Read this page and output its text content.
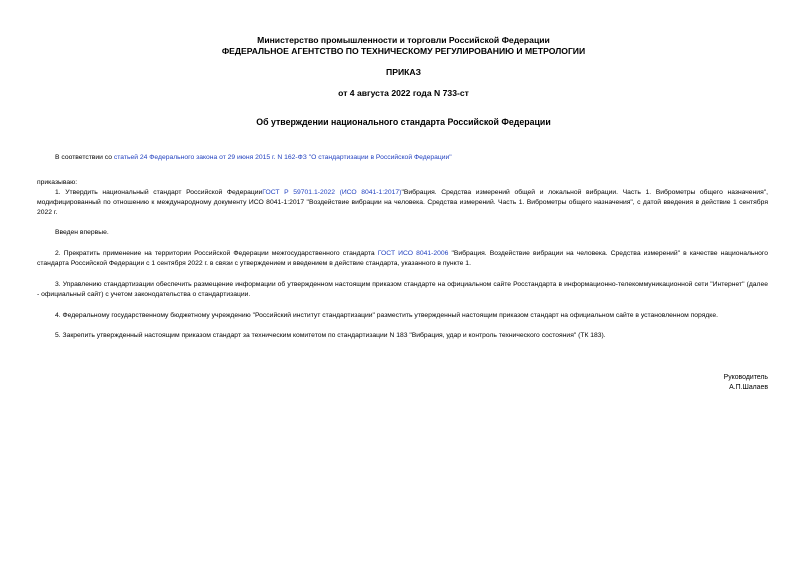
Министерство промышленности и торговли Российской Федерации
ФЕДЕРАЛЬНОЕ АГЕНТСТВО ПО ТЕХНИЧЕСКОМУ РЕГУЛИРОВАНИЮ И МЕТРОЛОГИИ
ПРИКАЗ
от 4 августа 2022 года N 733-ст
Об утверждении национального стандарта Российской Федерации
В соответствии со статьей 24 Федерального закона от 29 июня 2015 г. N 162-ФЗ "О стандартизации в Российской Федерации"
приказываю:
1. Утвердить национальный стандарт Российской ФедерацииГОСТ Р 59701.1-2022 (ИСО 8041-1:2017)"Вибрация. Средства измерений общей и локальной вибрации. Часть 1. Виброметры общего назначения", модифицированный по отношению к международному документу ИСО 8041-1:2017 "Воздействие вибрации на человека. Средства измерений. Часть 1. Виброметры общего назначения", с датой введения в действие 1 сентября 2022 г.
Введен впервые.
2. Прекратить применение на территории Российской Федерации межгосударственного стандарта ГОСТ ИСО 8041-2006 "Вибрация. Воздействие вибрации на человека. Средства измерений" в качестве национального стандарта Российской Федерации с 1 сентября 2022 г. в связи с утверждением и введением в действие стандарта, указанного в пункте 1.
3. Управлению стандартизации обеспечить размещение информации об утвержденном настоящим приказом стандарте на официальном сайте Росстандарта в информационно-телекоммуникационной сети "Интернет" (далее - официальный сайт) с учетом законодательства о стандартизации.
4. Федеральному государственному бюджетному учреждению "Российский институт стандартизации" разместить утвержденный настоящим приказом стандарт на официальном сайте в установленном порядке.
5. Закрепить утвержденный настоящим приказом стандарт за техническим комитетом по стандартизации N 183 "Вибрация, удар и контроль технического состояния" (ТК 183).
Руководитель
А.П.Шалаев
